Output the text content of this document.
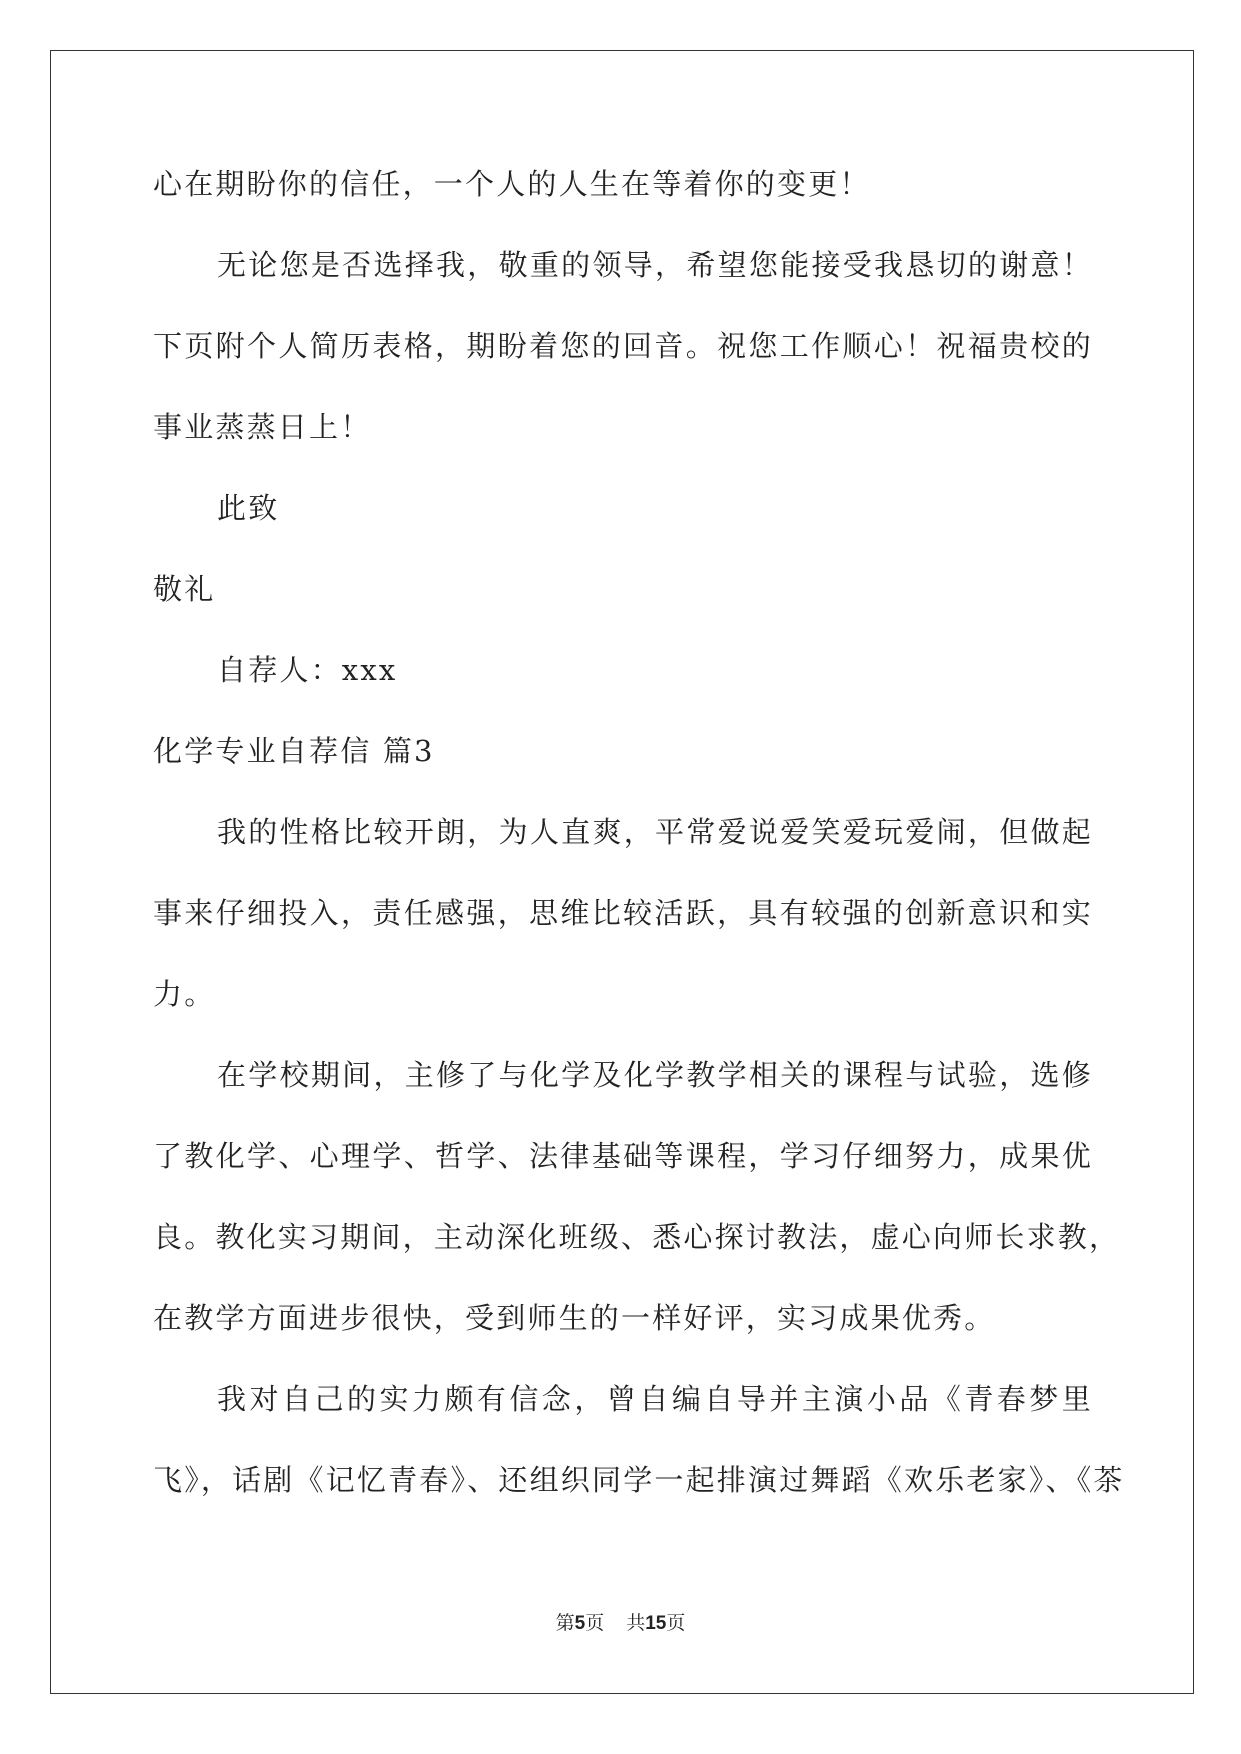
心在期盼你的信任，一个人的人生在等着你的变更！

无论您是否选择我，敬重的领导，希望您能接受我恳切的谢意！

下页附个人简历表格，期盼着您的回音。祝您工作顺心！祝福贵校的

事业蒸蒸日上！

此致

敬礼

自荐人：xxx

化学专业自荐信 篇3

我的性格比较开朗，为人直爽，平常爱说爱笑爱玩爱闹，但做起

事来仔细投入，责任感强，思维比较活跃，具有较强的创新意识和实

力。

在学校期间，主修了与化学及化学教学相关的课程与试验，选修

了教化学、心理学、哲学、法律基础等课程，学习仔细努力，成果优

良。教化实习期间，主动深化班级、悉心探讨教法，虚心向师长求教，

在教学方面进步很快，受到师生的一样好评，实习成果优秀。

我对自己的实力颇有信念，曾自编自导并主演小品《青春梦里

飞》，话剧《记忆青春》、还组织同学一起排演过舞蹈《欢乐老家》、《茶

第5页 共15页
